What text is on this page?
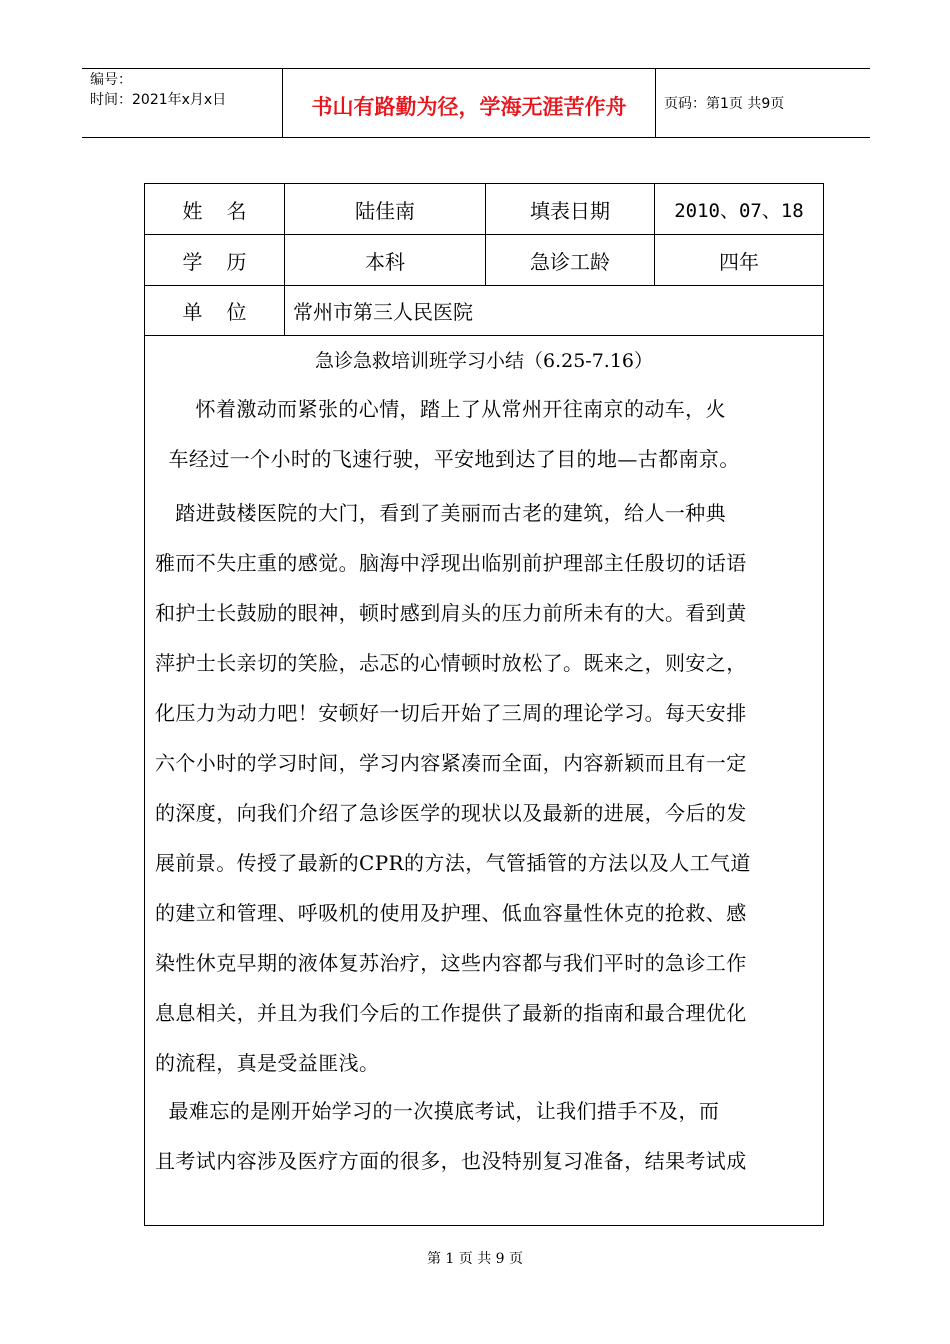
编号：
时间：2021年x月x日	书山有路勤为径，学海无涯苦作舟	页码：第1页 共9页
姓名	陆佳南	填表日期	2010、07、18
学历	本科	急诊工龄	四年
单位	常州市第三人民医院
急诊急救培训班学习小结（6.25-7.16）
怀着激动而紧张的心情，踏上了从常州开往南京的动车，火
车经过一个小时的飞速行驶，平安地到达了目的地—古都南京。
踏进鼓楼医院的大门，看到了美丽而古老的建筑，给人一种典
雅而不失庄重的感觉。脑海中浮现出临别前护理部主任殷切的话语
和护士长鼓励的眼神，顿时感到肩头的压力前所未有的大。看到黄
萍护士长亲切的笑脸，忐忑的心情顿时放松了。既来之，则安之，
化压力为动力吧！安顿好一切后开始了三周的理论学习。每天安排
六个小时的学习时间，学习内容紧凑而全面，内容新颖而且有一定
的深度，向我们介绍了急诊医学的现状以及最新的进展，今后的发
展前景。传授了最新的CPR的方法，气管插管的方法以及人工气道
的建立和管理、呼吸机的使用及护理、低血容量性休克的抢救、感
染性休克早期的液体复苏治疗，这些内容都与我们平时的急诊工作
息息相关，并且为我们今后的工作提供了最新的指南和最合理优化
的流程，真是受益匪浅。
最难忘的是刚开始学习的一次摸底考试，让我们措手不及，而
且考试内容涉及医疗方面的很多，也没特别复习准备，结果考试成
第 1 页 共 9 页
